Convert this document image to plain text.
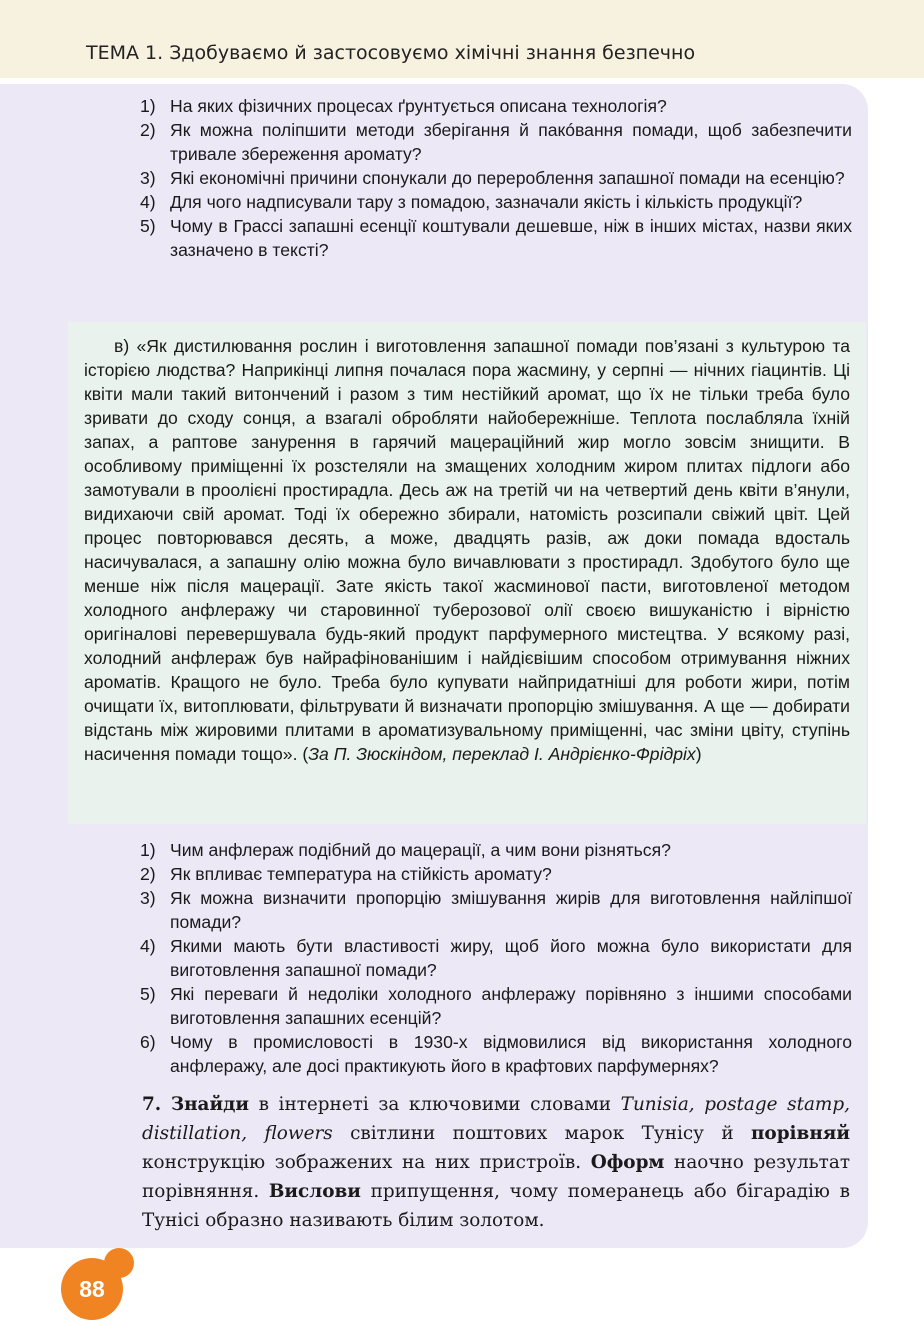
ТЕМА 1. Здобуваємо й застосовуємо хімічні знання безпечно
1) На яких фізичних процесах ґрунтується описана технологія?
2) Як можна поліпшити методи зберігання й пакóвання помади, щоб забезпечити тривале збереження аромату?
3) Які економічні причини спонукали до перероблення запашної помади на есенцію?
4) Для чого надписували тару з помадою, зазначали якість і кількість продукції?
5) Чому в Грассі запашні есенції коштували дешевше, ніж в інших містах, назви яких зазначено в тексті?
в) «Як дистилювання рослин і виготовлення запашної помади пов’язані з культурою та історією людства? Наприкінці липня почалася пора жасмину, у серпні — нічних гіацинтів. Ці квіти мали такий витончений і разом з тим нестійкий аромат, що їх не тільки треба було зривати до сходу сонця, а взагалі обробляти найобережніше. Теплота послабляла їхній запах, а раптове занурення в гарячий мацераційний жир могло зовсім знищити. В особливому приміщенні їх розстеляли на змащених холодним жиром плитах підлоги або замотували в проолієні простирадла. Десь аж на третій чи на четвертий день квіти в’янули, видихаючи свій аромат. Тоді їх обережно збирали, натомість розсипали свіжий цвіт. Цей процес повторювався десять, а може, двадцять разів, аж доки помада вдосталь насичувалася, а запашну олію можна було вичавлювати з простирадл. Здобутого було ще менше ніж після мацерації. Зате якість такої жасминової пасти, виготовленої методом холодного анфлеражу чи старовинної туберозової олії своєю вишуканістю і вірністю оригіналові перевершувала будь-який продукт парфумерного мистецтва. У всякому разі, холодний анфлераж був найрафінованішим і найдієвішим способом отримування ніжних ароматів. Кращого не було. Треба було купувати найпридатніші для роботи жири, потім очищати їх, витоплювати, фільтрувати й визначати пропорцію змішування. А ще — добирати відстань між жировими плитами в ароматизувальному приміщенні, час зміни цвіту, ступінь насичення помади тощо». (За П. Зюскіндом, переклад І. Андрієнко-Фрідріх)
1) Чим анфлераж подібний до мацерації, а чим вони різняться?
2) Як впливає температура на стійкість аромату?
3) Як можна визначити пропорцію змішування жирів для виготовлення найліпшої помади?
4) Якими мають бути властивості жиру, щоб його можна було використати для виготовлення запашної помади?
5) Які переваги й недоліки холодного анфлеражу порівняно з іншими способами виготовлення запашних есенцій?
6) Чому в промисловості в 1930-х відмовилися від використання холодного анфлеражу, але досі практикують його в крафтових парфумернях?
7. Знайди в інтернеті за ключовими словами Tunisia, postage stamp, distillation, flowers світлини поштових марок Тунісу й порівняй конструкцію зображених на них пристроїв. Оформ наочно результат порівняння. Вислови припущення, чому померанець або бігарадію в Тунісі образно називають білим золотом.
88
